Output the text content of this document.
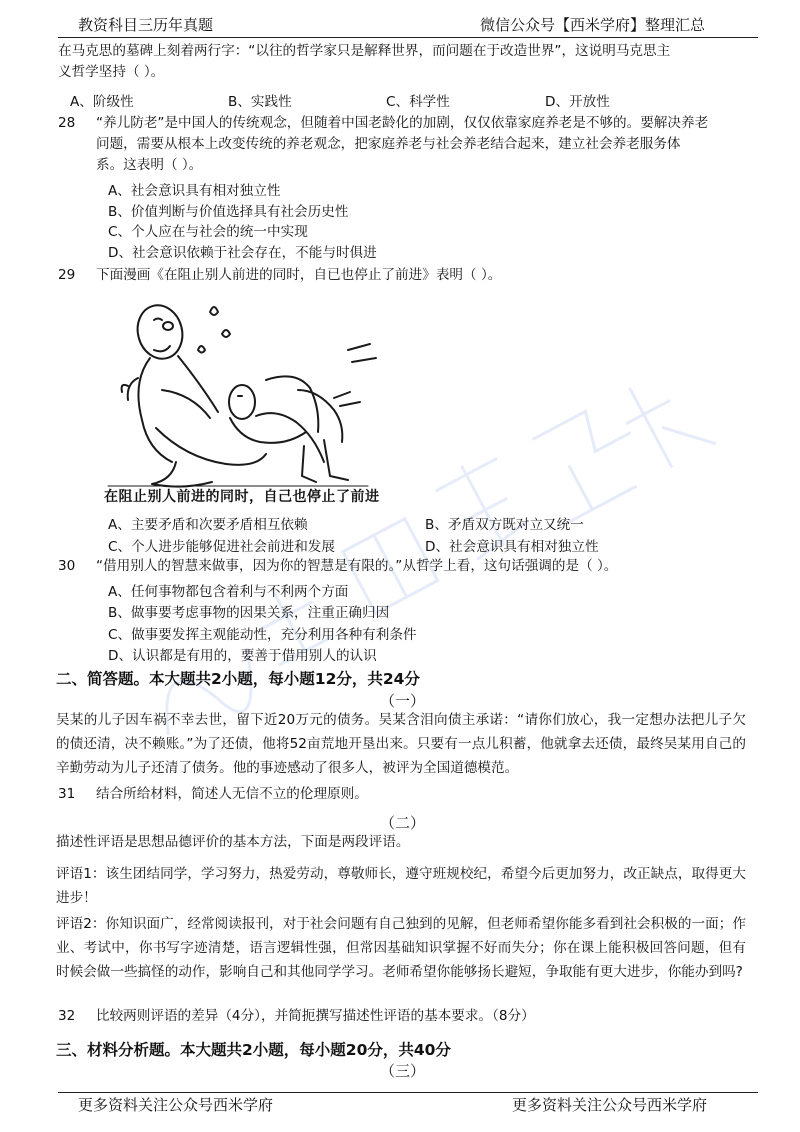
教资科目三历年真题	微信公众号【西米学府】整理汇总
在马克思的墓碑上刻着两行字：“以往的哲学家只是解释世界，而问题在于改造世界”，这说明马克思主
义哲学坚持（ ）。
A、阶级性	B、实践性	C、科学性	D、开放性
28 “养儿防老”是中国人的传统观念，但随着中国老龄化的加剧，仅仅依靠家庭养老是不够的。要解决养老
问题，需要从根本上改变传统的养老观念，把家庭养老与社会养老结合起来，建立社会养老服务体
系。这表明（ ）。
A、社会意识具有相对独立性
B、价值判断与价值选择具有社会历史性
C、个人应在与社会的统一中实现
D、社会意识依赖于社会存在，不能与时俱进
29 下面漫画《在阻止别人前进的同时，自已也停止了前进》表明（ ）。
在阻止别人前进的同时，自己也停止了前进
A、主要矛盾和次要矛盾相互依赖	B、矛盾双方既对立又统一
C、个人进步能够促进社会前进和发展	D、社会意识具有相对独立性
30 “借用别人的智慧来做事，因为你的智慧是有限的。”从哲学上看，这句话强调的是（ ）。
A、任何事物都包含着利与不利两个方面
B、做事要考虑事物的因果关系，注重正确归因
C、做事要发挥主观能动性，充分利用各种有利条件
D、认识都是有用的，要善于借用别人的认识
二、简答题。本大题共2小题，每小题12分，共24分
（一）
吴某的儿子因车祸不幸去世，留下近20万元的债务。吴某含泪向债主承诺：“请你们放心，我一定想办法把儿子欠的债还清，决不赖账。”为了还债，他将52亩荒地开垦出来。只要有一点儿积蓄，他就拿去还债，最终吴某用自己的辛勤劳动为儿子还清了债务。他的事迹感动了很多人，被评为全国道德模范。
31 结合所给材料，简述人无信不立的伦理原则。
（二）
描述性评语是思想品德评价的基本方法，下面是两段评语。
评语1：该生团结同学，学习努力，热爱劳动，尊敬师长，遵守班规校纪，希望今后更加努力，改正缺点，取得更大进步！
评语2：你知识面广，经常阅读报刊，对于社会问题有自己独到的见解，但老师希望你能多看到社会积极的一面；作业、考试中，你书写字迹清楚，语言逻辑性强，但常因基础知识掌握不好而失分；你在课上能积极回答问题，但有时候会做一些搞怪的动作，影响自己和其他同学学习。老师希望你能够扬长避短，争取能有更大进步，你能办到吗?
32 比较两则评语的差异（4分），并简扼撰写描述性评语的基本要求。（8分）
三、材料分析题。本大题共2小题，每小题20分，共40分
（三）
更多资料关注公众号西米学府	更多资料关注公众号西米学府
